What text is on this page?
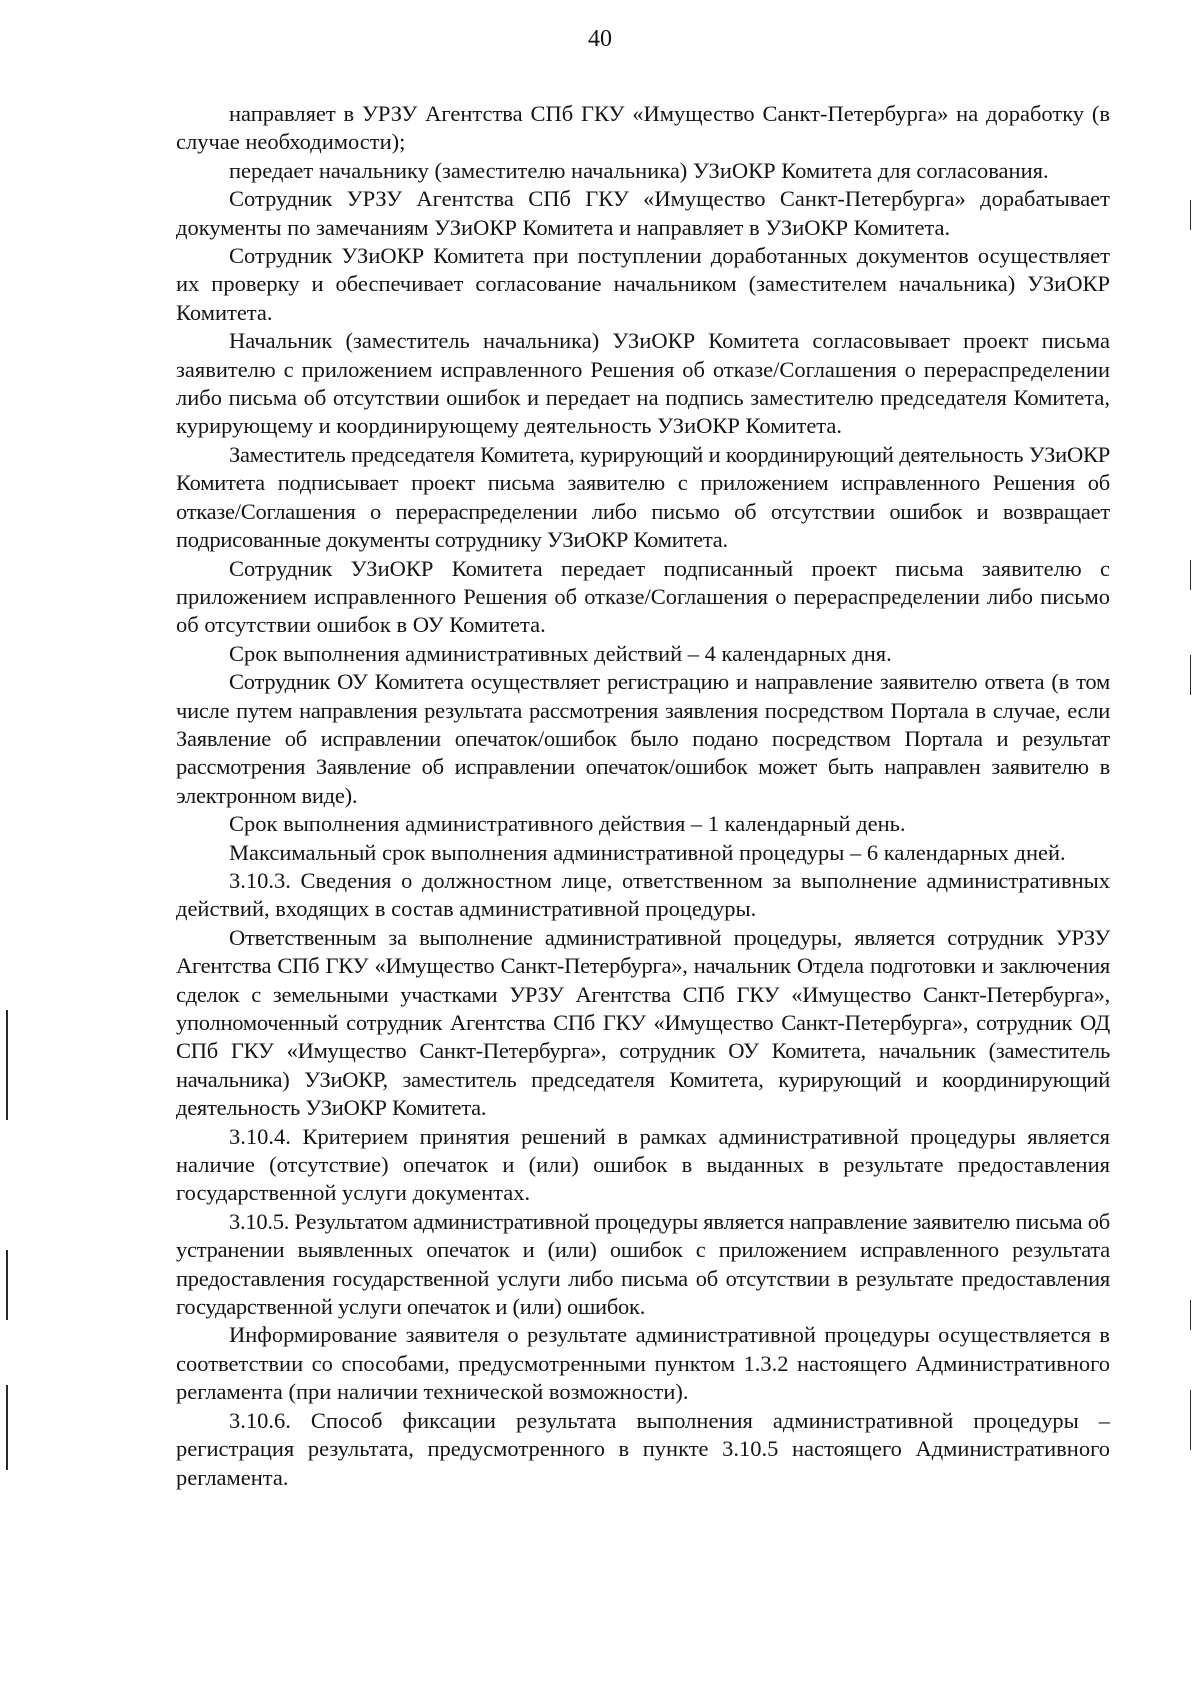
40

направляет в УРЗУ Агентства СПб ГКУ «Имущество Санкт-Петербурга» на доработку (в случае необходимости);

передает начальнику (заместителю начальника) УЗиОКР Комитета для согласования.

Сотрудник УРЗУ Агентства СПб ГКУ «Имущество Санкт-Петербурга» дорабатывает документы по замечаниям УЗиОКР Комитета и направляет в УЗиОКР Комитета.

Сотрудник УЗиОКР Комитета при поступлении доработанных документов осуществляет их проверку и обеспечивает согласование начальником (заместителем начальника) УЗиОКР Комитета.

Начальник (заместитель начальника) УЗиОКР Комитета согласовывает проект письма заявителю с приложением исправленного Решения об отказе/Соглашения о перераспределении либо письма об отсутствии ошибок и передает на подпись заместителю председателя Комитета, курирующему и координирующему деятельность УЗиОКР Комитета.

Заместитель председателя Комитета, курирующий и координирующий деятельность УЗиОКР Комитета подписывает проект письма заявителю с приложением исправленного Решения об отказе/Соглашения о перераспределении либо письмо об отсутствии ошибок и возвращает подрисованные документы сотруднику УЗиОКР Комитета.

Сотрудник УЗиОКР Комитета передает подписанный проект письма заявителю с приложением исправленного Решения об отказе/Соглашения о перераспределении либо письмо об отсутствии ошибок в ОУ Комитета.

Срок выполнения административных действий – 4 календарных дня.

Сотрудник ОУ Комитета осуществляет регистрацию и направление заявителю ответа (в том числе путем направления результата рассмотрения заявления посредством Портала в случае, если Заявление об исправлении опечаток/ошибок было подано посредством Портала и результат рассмотрения Заявление об исправлении опечаток/ошибок может быть направлен заявителю в электронном виде).

Срок выполнения административного действия – 1 календарный день.

Максимальный срок выполнения административной процедуры – 6 календарных дней.

3.10.3. Сведения о должностном лице, ответственном за выполнение административных действий, входящих в состав административной процедуры.

Ответственным за выполнение административной процедуры, является сотрудник УРЗУ Агентства СПб ГКУ «Имущество Санкт-Петербурга», начальник Отдела подготовки и заключения сделок с земельными участками УРЗУ Агентства СПб ГКУ «Имущество Санкт-Петербурга», уполномоченный сотрудник Агентства СПб ГКУ «Имущество Санкт-Петербурга», сотрудник ОД СПб ГКУ «Имущество Санкт-Петербурга», сотрудник ОУ Комитета, начальник (заместитель начальника) УЗиОКР, заместитель председателя Комитета, курирующий и координирующий деятельность УЗиОКР Комитета.

3.10.4. Критерием принятия решений в рамках административной процедуры является наличие (отсутствие) опечаток и (или) ошибок в выданных в результате предоставления государственной услуги документах.

3.10.5. Результатом административной процедуры является направление заявителю письма об устранении выявленных опечаток и (или) ошибок с приложением исправленного результата предоставления государственной услуги либо письма об отсутствии в результате предоставления государственной услуги опечаток и (или) ошибок.

Информирование заявителя о результате административной процедуры осуществляется в соответствии со способами, предусмотренными пунктом 1.3.2 настоящего Административного регламента (при наличии технической возможности).

3.10.6. Способ фиксации результата выполнения административной процедуры – регистрация результата, предусмотренного в пункте 3.10.5 настоящего Административного регламента.
